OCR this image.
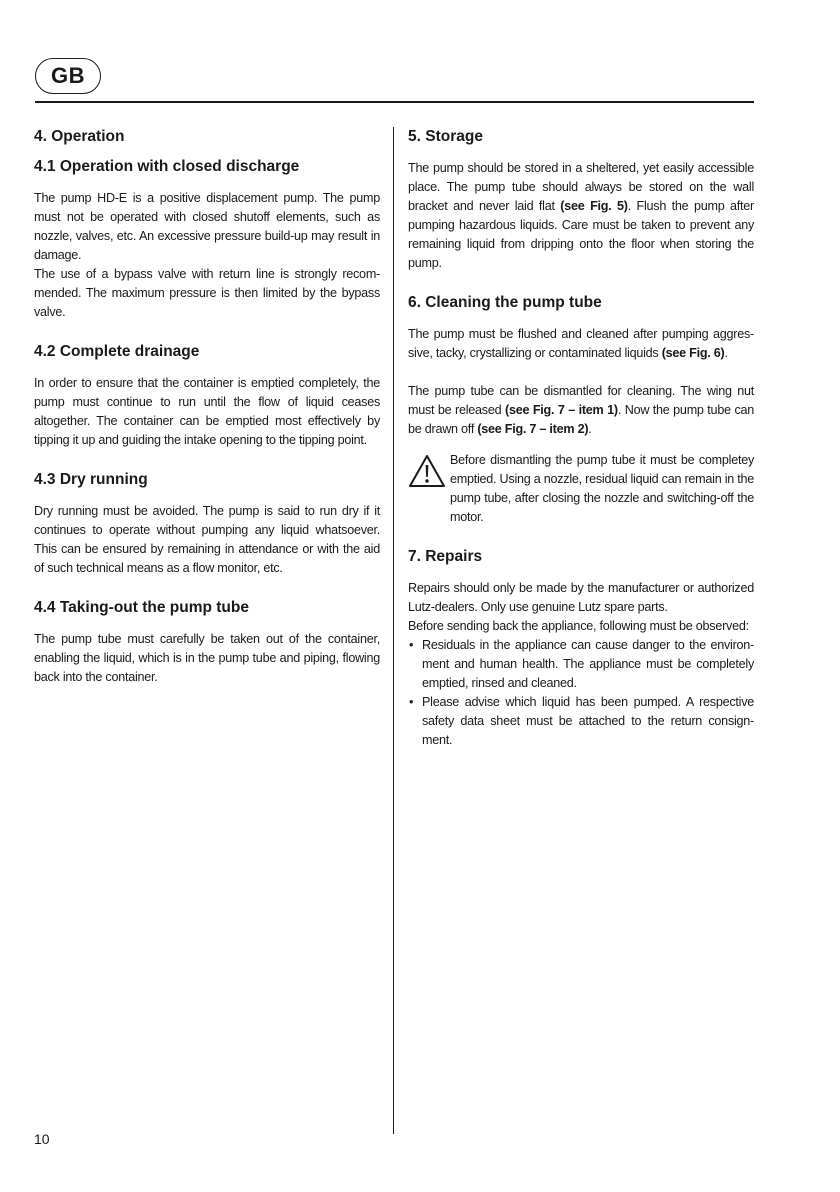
GB
4. Operation
4.1 Operation with closed discharge

The pump HD-E is a positive displacement pump. The pump must not be operated with closed shutoff elements, such as nozzle, valves, etc. An excessive pressure build-up may result in damage.

The use of a bypass valve with return line is strongly recom-mended. The maximum pressure is then limited by the bypass valve.

4.2 Complete drainage

In order to ensure that the container is emptied completely, the pump must continue to run until the flow of liquid ceases altogether. The container can be emptied most effectively by tipping it up and guiding the intake opening to the tipping point.

4.3 Dry running

Dry running must be avoided. The pump is said to run dry if it continues to operate without pumping any liquid whatsoever. This can be ensured by remaining in attendance or with the aid of such technical means as a flow monitor, etc.

4.4 Taking-out the pump tube

The pump tube must carefully be taken out of the container, enabling the liquid, which is in the pump tube and piping, flowing back into the container.

5. Storage

The pump should be stored in a sheltered, yet easily accessible place. The pump tube should always be stored on the wall bracket and never laid flat (see Fig. 5). Flush the pump after pumping hazardous liquids. Care must be taken to prevent any remaining liquid from dripping onto the floor when storing the pump.

6. Cleaning the pump tube

The pump must be flushed and cleaned after pumping aggres-sive, tacky, crystallizing or contaminated liquids (see Fig. 6).

The pump tube can be dismantled for cleaning. The wing nut must be released (see Fig. 7 – item 1). Now the pump tube can be drawn off (see Fig. 7 – item 2).

Before dismantling the pump tube it must be completey emptied. Using a nozzle, residual liquid can remain in the pump tube, after closing the nozzle and switching-off the motor.

7. Repairs

Repairs should only be made by the manufacturer or authorized Lutz-dealers. Only use genuine Lutz spare parts.

Before sending back the appliance, following must be observed:

• Residuals in the appliance can cause danger to the environ-ment and human health. The appliance must be completely emptied, rinsed and cleaned.
• Please advise which liquid has been pumped. A respective safety data sheet must be attached to the return consign-ment.
10
